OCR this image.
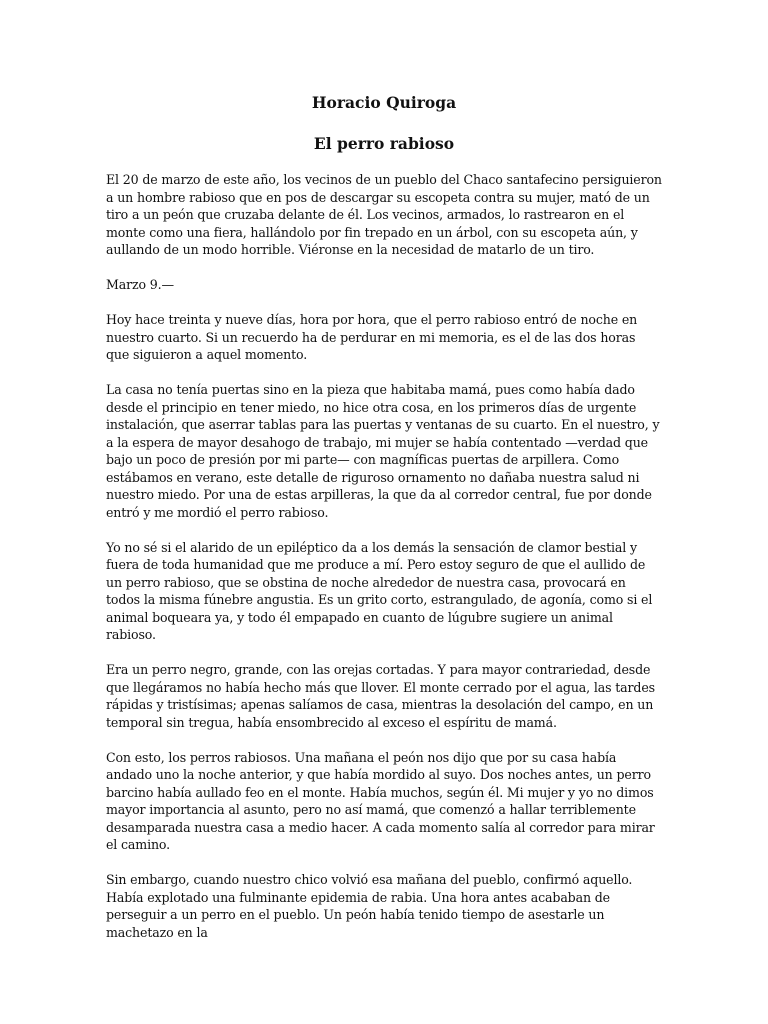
Horacio Quiroga
El perro rabioso

El 20 de marzo de este año, los vecinos de un pueblo del Chaco santafecino persiguieron a un hombre rabioso que en pos de descargar su escopeta contra su mujer, mató de un tiro a un peón que cruzaba delante de él. Los vecinos, armados, lo rastrearon en el monte como una fiera, hallándolo por fin trepado en un árbol, con su escopeta aún, y aullando de un modo horrible. Viéronse en la necesidad de matarlo de un tiro.

Marzo 9.—

Hoy hace treinta y nueve días, hora por hora, que el perro rabioso entró de noche en nuestro cuarto. Si un recuerdo ha de perdurar en mi memoria, es el de las dos horas que siguieron a aquel momento.

La casa no tenía puertas sino en la pieza que habitaba mamá, pues como había dado desde el principio en tener miedo, no hice otra cosa, en los primeros días de urgente instalación, que aserrar tablas para las puertas y ventanas de su cuarto. En el nuestro, y a la espera de mayor desahogo de trabajo, mi mujer se había contentado —verdad que bajo un poco de presión por mi parte— con magníficas puertas de arpillera. Como estábamos en verano, este detalle de riguroso ornamento no dañaba nuestra salud ni nuestro miedo. Por una de estas arpilleras, la que da al corredor central, fue por donde entró y me mordió el perro rabioso.

Yo no sé si el alarido de un epiléptico da a los demás la sensación de clamor bestial y fuera de toda humanidad que me produce a mí. Pero estoy seguro de que el aullido de un perro rabioso, que se obstina de noche alrededor de nuestra casa, provocará en todos la misma fúnebre angustia. Es un grito corto, estrangulado, de agonía, como si el animal boqueara ya, y todo él empapado en cuanto de lúgubre sugiere un animal rabioso.

Era un perro negro, grande, con las orejas cortadas. Y para mayor contrariedad, desde que llegáramos no había hecho más que llover. El monte cerrado por el agua, las tardes rápidas y tristísimas; apenas salíamos de casa, mientras la desolación del campo, en un temporal sin tregua, había ensombrecido al exceso el espíritu de mamá.

Con esto, los perros rabiosos. Una mañana el peón nos dijo que por su casa había andado uno la noche anterior, y que había mordido al suyo. Dos noches antes, un perro barcino había aullado feo en el monte. Había muchos, según él. Mi mujer y yo no dimos mayor importancia al asunto, pero no así mamá, que comenzó a hallar terriblemente desamparada nuestra casa a medio hacer. A cada momento salía al corredor para mirar el camino.

Sin embargo, cuando nuestro chico volvió esa mañana del pueblo, confirmó aquello. Había explotado una fulminante epidemia de rabia. Una hora antes acababan de perseguir a un perro en el pueblo. Un peón había tenido tiempo de asestarle un machetazo en la
